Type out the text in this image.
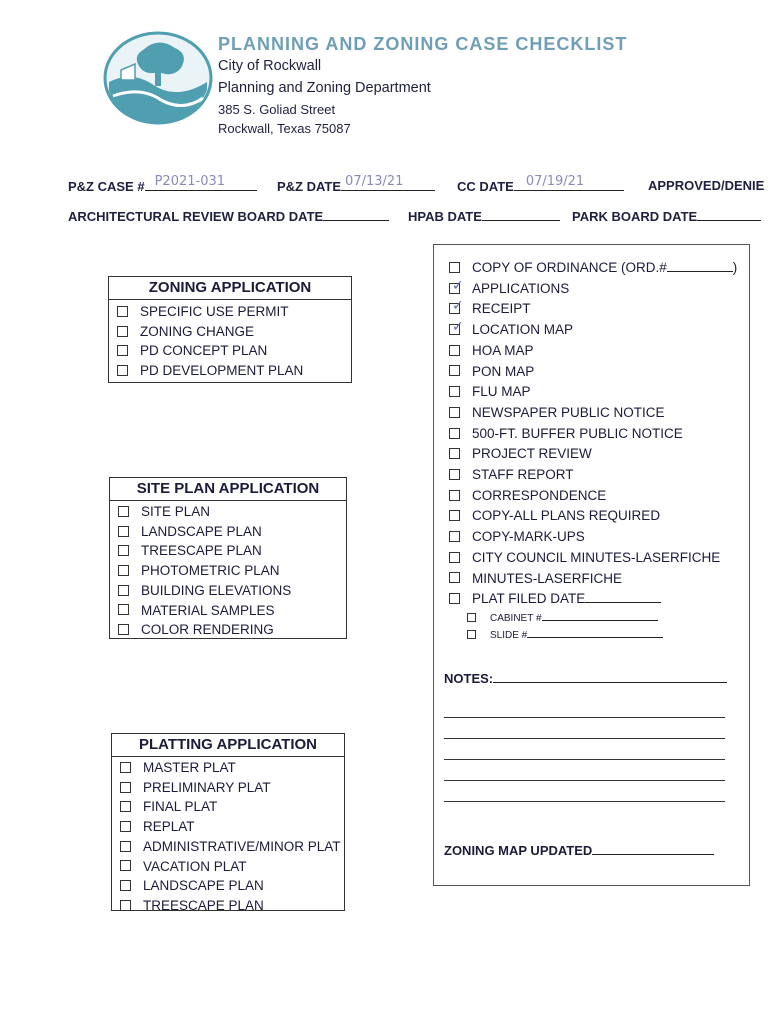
PLANNING AND ZONING CASE CHECKLIST
City of Rockwall
Planning and Zoning Department
385 S. Goliad Street
Rockwall, Texas 75087
P&Z CASE # P2021-031	P&Z DATE 07/13/21	CC DATE 07/19/21	APPROVED/DENIE
ARCHITECTURAL REVIEW BOARD DATE	HPAB DATE	PARK BOARD DATE
ZONING APPLICATION
SPECIFIC USE PERMIT
ZONING CHANGE
PD CONCEPT PLAN
PD DEVELOPMENT PLAN
SITE PLAN APPLICATION
SITE PLAN
LANDSCAPE PLAN
TREESCAPE PLAN
PHOTOMETRIC PLAN
BUILDING ELEVATIONS
MATERIAL SAMPLES
COLOR RENDERING
PLATTING APPLICATION
MASTER PLAT
PRELIMINARY PLAT
FINAL PLAT
REPLAT
ADMINISTRATIVE/MINOR PLAT
VACATION PLAT
LANDSCAPE PLAN
TREESCAPE PLAN
COPY OF ORDINANCE (ORD.#	)
✓ APPLICATIONS
✓ RECEIPT
✓ LOCATION MAP
HOA MAP
PON MAP
FLU MAP
NEWSPAPER PUBLIC NOTICE
500-FT. BUFFER PUBLIC NOTICE
PROJECT REVIEW
STAFF REPORT
CORRESPONDENCE
COPY-ALL PLANS REQUIRED
COPY-MARK-UPS
CITY COUNCIL MINUTES-LASERFICHE
MINUTES-LASERFICHE
PLAT FILED DATE
CABINET #
SLIDE #
NOTES:
ZONING MAP UPDATED
